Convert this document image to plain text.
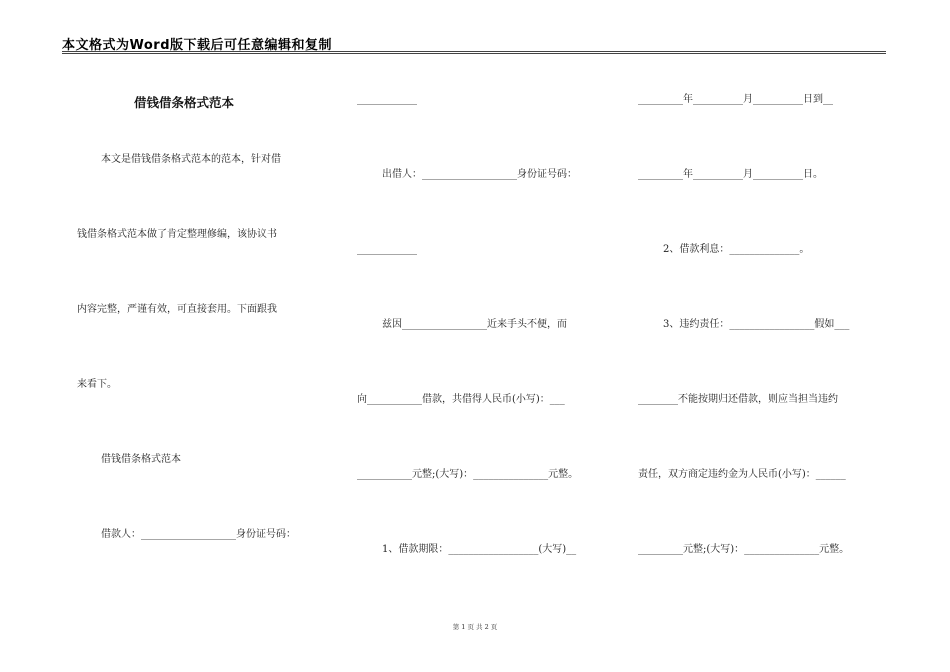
本文格式为Word版下载后可任意编辑和复制
借钱借条格式范本
本文是借钱借条格式范本的范本，针对借
钱借条格式范本做了肯定整理修编，该协议书
内容完整，严谨有效，可直接套用。下面跟我
来看下。
借钱借条格式范本
借款人：___________________身份证号码：
____________
出借人：___________________身份证号码：
____________
兹因_________________近来手头不便，而
向___________借款，共借得人民币(小写)：___
___________元整;(大写)：_______________元整。
1、借款期限：__________________(大写)__
_________年__________月__________日到__
_________年__________月__________日。
2、借款利息：______________。
3、违约责任：_________________假如___
________不能按期归还借款，则应当担当违约
责任，双方商定违约金为人民币(小写)：______
_________元整;(大写)：_______________元整。
第 1 页 共 2 页
